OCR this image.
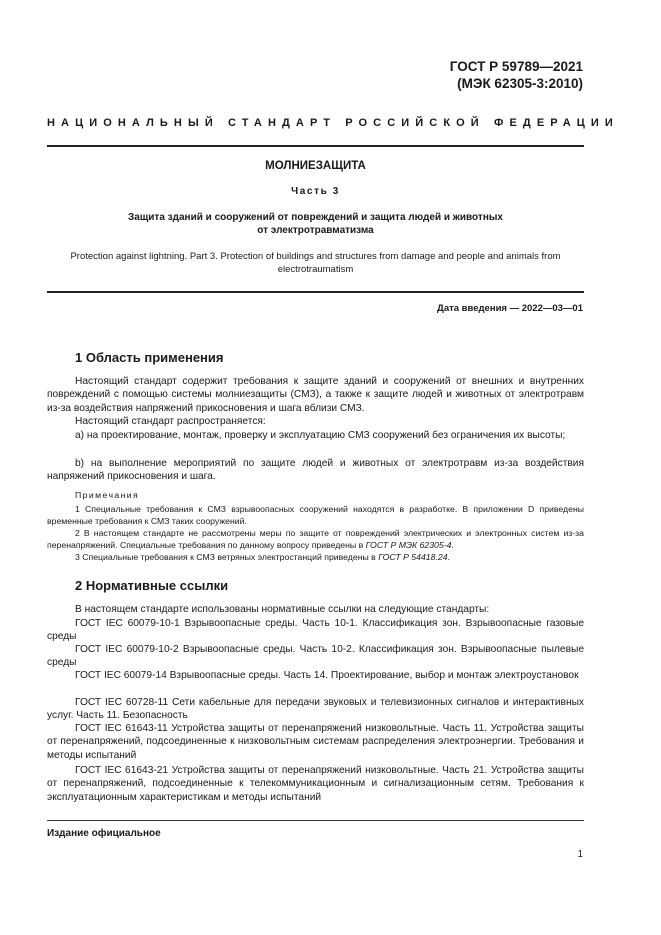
ГОСТ Р 59789—2021
(МЭК 62305-3:2010)
НАЦИОНАЛЬНЫЙ СТАНДАРТ РОССИЙСКОЙ ФЕДЕРАЦИИ
МОЛНИЕЗАЩИТА
Часть 3
Защита зданий и сооружений от повреждений и защита людей и животных
от электротравматизма
Protection against lightning. Part 3. Protection of buildings and structures from damage and people and animals from
electrotraumatism
Дата введения — 2022—03—01
1 Область применения
Настоящий стандарт содержит требования к защите зданий и сооружений от внешних и внутренних повреждений с помощью системы молниезащиты (СМЗ), а также к защите людей и животных от электротравм из-за воздействия напряжений прикосновения и шага вблизи СМЗ.
Настоящий стандарт распространяется:
а) на проектирование, монтаж, проверку и эксплуатацию СМЗ сооружений без ограничения их высоты;
b) на выполнение мероприятий по защите людей и животных от электротравм из-за воздействия напряжений прикосновения и шага.
Примечания
1 Специальные требования к СМЗ взрывоопасных сооружений находятся в разработке. В приложении D приведены временные требования к СМЗ таких сооружений.
2 В настоящем стандарте не рассмотрены меры по защите от повреждений электрических и электронных систем из-за перенапряжений. Специальные требования по данному вопросу приведены в ГОСТ Р МЭК 62305-4.
3 Специальные требования к СМЗ ветряных электростанций приведены в ГОСТ Р 54418.24.
2 Нормативные ссылки
В настоящем стандарте использованы нормативные ссылки на следующие стандарты:
ГОСТ IEC 60079-10-1 Взрывоопасные среды. Часть 10-1. Классификация зон. Взрывоопасные газовые среды
ГОСТ IEC 60079-10-2 Взрывоопасные среды. Часть 10-2. Классификация зон. Взрывоопасные пылевые среды
ГОСТ IEC 60079-14 Взрывоопасные среды. Часть 14. Проектирование, выбор и монтаж электроустановок
ГОСТ IEC 60728-11 Сети кабельные для передачи звуковых и телевизионных сигналов и интерактивных услуг. Часть 11. Безопасность
ГОСТ IEC 61643-11 Устройства защиты от перенапряжений низковольтные. Часть 11. Устройства защиты от перенапряжений, подсоединенные к низковольтным системам распределения электроэнергии. Требования и методы испытаний
ГОСТ IEC 61643-21 Устройства защиты от перенапряжений низковольтные. Часть 21. Устройства защиты от перенапряжений, подсоединенные к телекоммуникационным и сигнализационным сетям. Требования к эксплуатационным характеристикам и методы испытаний
Издание официальное
1
